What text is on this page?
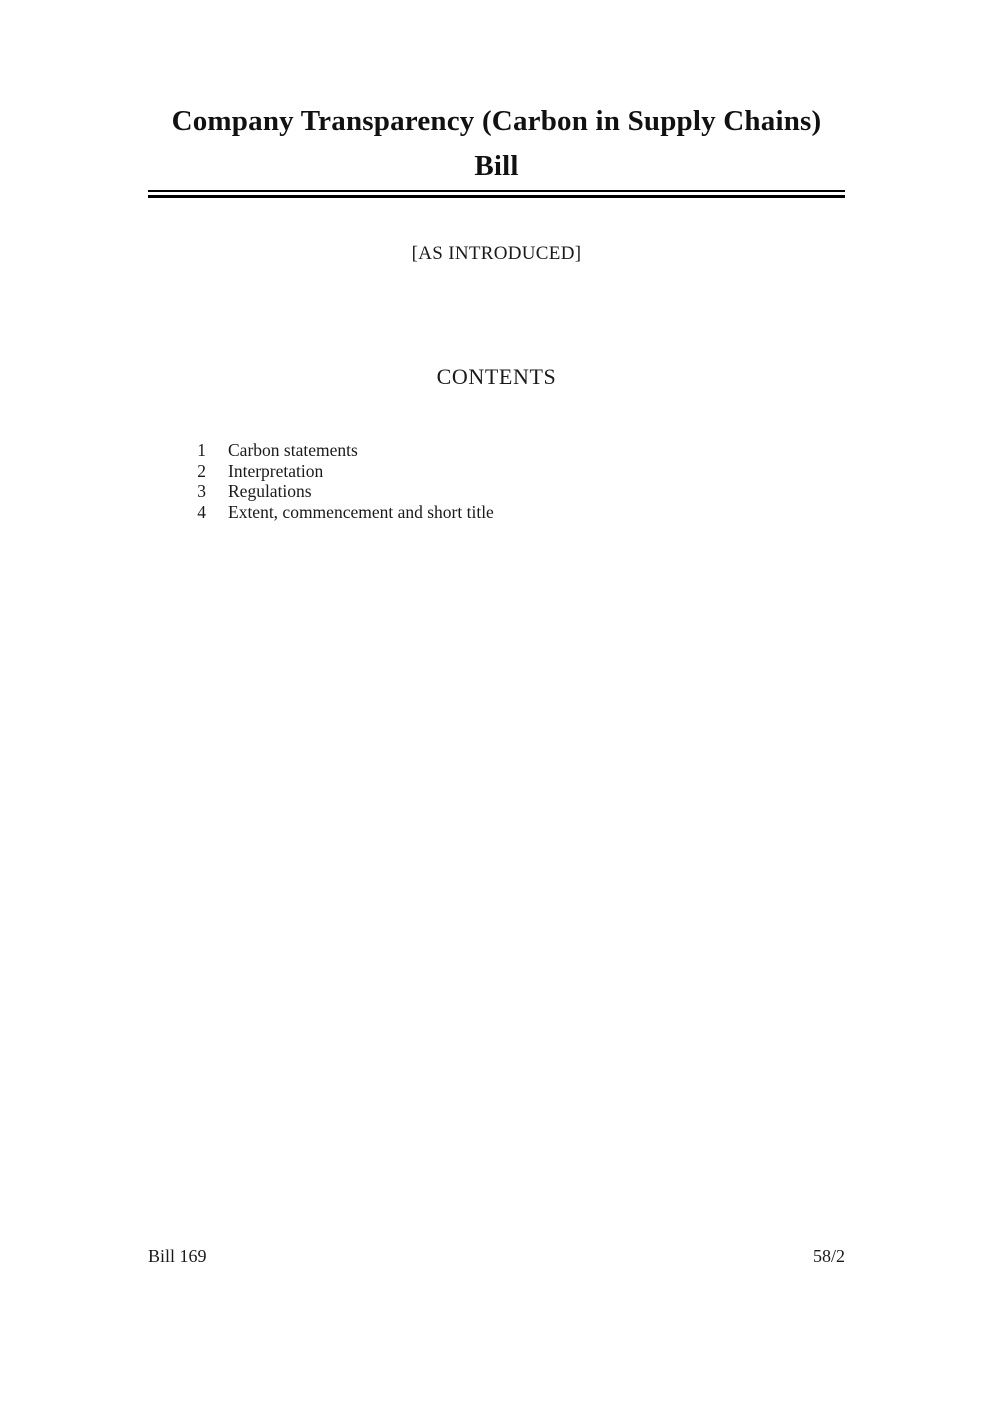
Company Transparency (Carbon in Supply Chains)
Bill
[AS INTRODUCED]
CONTENTS
1 Carbon statements
2 Interpretation
3 Regulations
4 Extent, commencement and short title
Bill 169	58/2
